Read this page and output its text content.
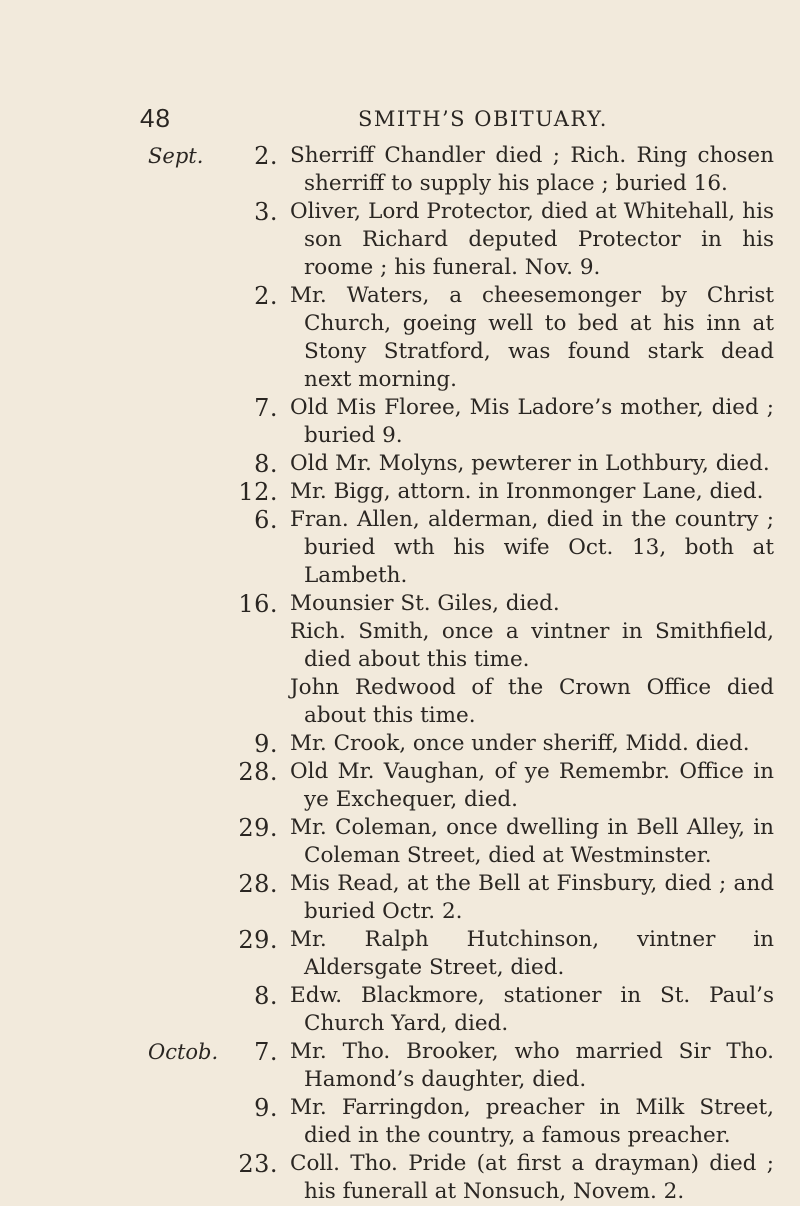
48	SMITH’S OBITUARY.
Sept.	2. Sherriff Chandler died ; Rich. Ring chosen sherriff to supply his place ; buried 16.
3. Oliver, Lord Protector, died at Whitehall, his son Richard deputed Protector in his roome ; his funeral. Nov. 9.
2. Mr. Waters, a cheesemonger by Christ Church, goeing well to bed at his inn at Stony Stratford, was found stark dead next morning.
7. Old Mis Floree, Mis Ladore’s mother, died ; buried 9.
8. Old Mr. Molyns, pewterer in Lothbury, died.
12. Mr. Bigg, attorn. in Ironmonger Lane, died.
6. Fran. Allen, alderman, died in the country ; buried wth his wife Oct. 13, both at Lambeth.
16. Mounsier St. Giles, died.
Rich. Smith, once a vintner in Smithfield, died about this time.
John Redwood of the Crown Office died about this time.
9. Mr. Crook, once under sheriff, Midd. died.
28. Old Mr. Vaughan, of ye Remembr. Office in ye Exchequer, died.
29. Mr. Coleman, once dwelling in Bell Alley, in Coleman Street, died at Westminster.
28. Mis Read, at the Bell at Finsbury, died ; and buried Octr. 2.
29. Mr. Ralph Hutchinson, vintner in Aldersgate Street, died.
8. Edw. Blackmore, stationer in St. Paul’s Church Yard, died.
Octob.	7. Mr. Tho. Brooker, who married Sir Tho. Hamond’s daughter, died.
9. Mr. Farringdon, preacher in Milk Street, died in the country, a famous preacher.
23. Coll. Tho. Pride (at first a drayman) died ; his funerall at Nonsuch, Novem. 2.
